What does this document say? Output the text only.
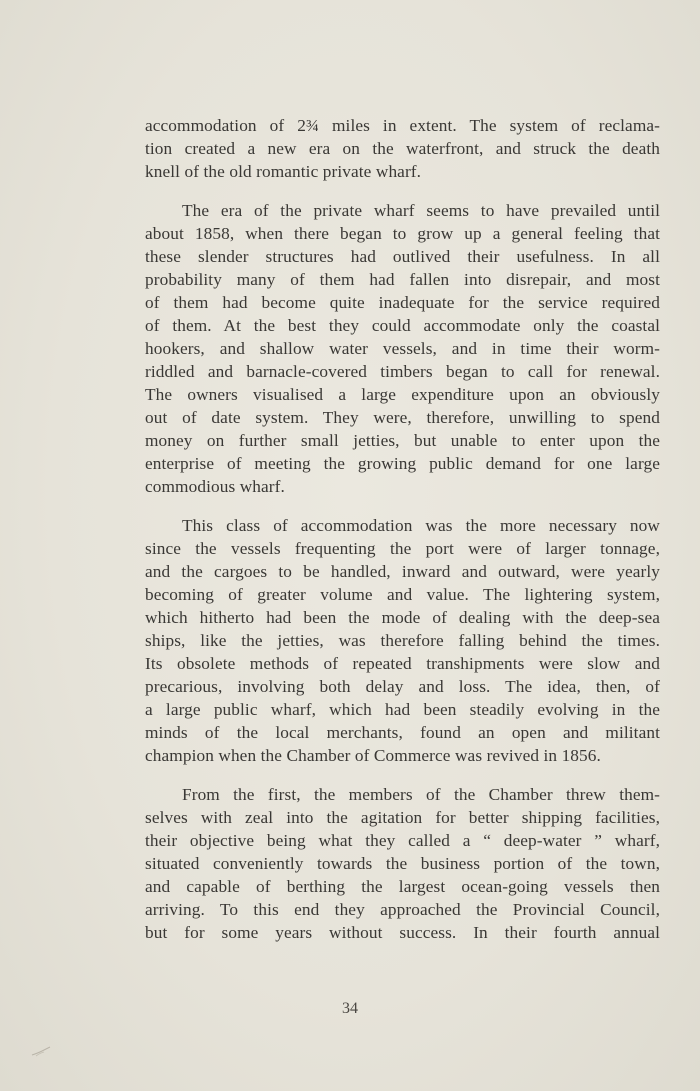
accommodation of 2¾ miles in extent. The system of reclama-
tion created a new era on the waterfront, and struck the death
knell of the old romantic private wharf.
The era of the private wharf seems to have prevailed until
about 1858, when there began to grow up a general feeling that
these slender structures had outlived their usefulness. In all
probability many of them had fallen into disrepair, and most
of them had become quite inadequate for the service required
of them. At the best they could accommodate only the coastal
hookers, and shallow water vessels, and in time their worm-
riddled and barnacle-covered timbers began to call for renewal.
The owners visualised a large expenditure upon an obviously
out of date system. They were, therefore, unwilling to spend
money on further small jetties, but unable to enter upon the
enterprise of meeting the growing public demand for one large
commodious wharf.
This class of accommodation was the more necessary now
since the vessels frequenting the port were of larger tonnage,
and the cargoes to be handled, inward and outward, were yearly
becoming of greater volume and value. The lightering system,
which hitherto had been the mode of dealing with the deep-sea
ships, like the jetties, was therefore falling behind the times.
Its obsolete methods of repeated transhipments were slow and
precarious, involving both delay and loss. The idea, then, of
a large public wharf, which had been steadily evolving in the
minds of the local merchants, found an open and militant
champion when the Chamber of Commerce was revived in 1856.
From the first, the members of the Chamber threw them-
selves with zeal into the agitation for better shipping facilities,
their objective being what they called a “ deep-water ” wharf,
situated conveniently towards the business portion of the town,
and capable of berthing the largest ocean-going vessels then
arriving. To this end they approached the Provincial Council,
but for some years without success. In their fourth annual
34
